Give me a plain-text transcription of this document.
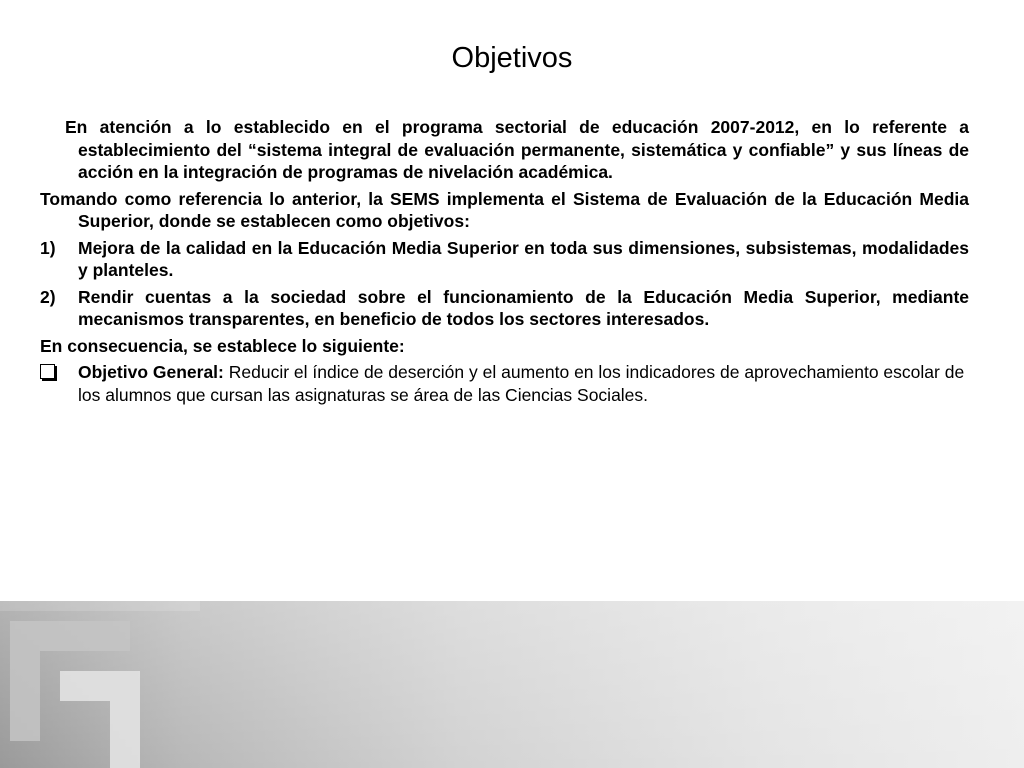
Objetivos

En atención a lo establecido en el programa sectorial de educación 2007-2012, en lo referente a establecimiento del “sistema integral de evaluación permanente, sistemática y confiable” y sus líneas de acción en la integración de programas de nivelación académica.

Tomando como referencia lo anterior, la SEMS implementa el Sistema de Evaluación de la Educación Media Superior, donde se establecen como objetivos:

1) Mejora de la calidad en la Educación Media Superior en toda sus dimensiones, subsistemas, modalidades y planteles.
2) Rendir cuentas a la sociedad sobre el funcionamiento de la Educación Media Superior, mediante mecanismos transparentes, en beneficio de todos los sectores interesados.

En consecuencia, se establece lo siguiente:

Objetivo General: Reducir el índice de deserción y el aumento en los indicadores de aprovechamiento escolar de los alumnos que cursan las asignaturas se área de las Ciencias Sociales.
